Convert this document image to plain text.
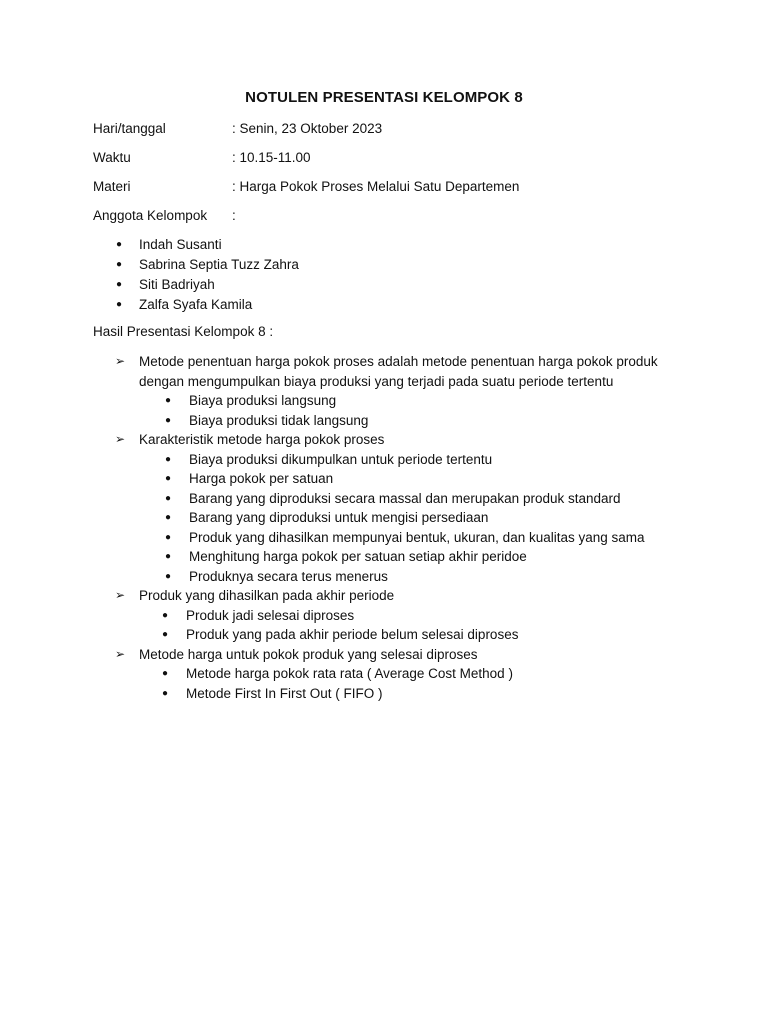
NOTULEN PRESENTASI KELOMPOK 8
Hari/tanggal	: Senin, 23 Oktober 2023
Waktu	: 10.15-11.00
Materi	: Harga Pokok Proses Melalui Satu Departemen
Anggota Kelompok :
● Indah Susanti
● Sabrina Septia Tuzz Zahra
● Siti Badriyah
● Zalfa Syafa Kamila
Hasil Presentasi Kelompok 8 :
➢ Metode penentuan harga pokok proses adalah metode penentuan harga pokok produk dengan mengumpulkan biaya produksi yang terjadi pada suatu periode tertentu
● Biaya produksi langsung
● Biaya produksi tidak langsung
➢ Karakteristik metode harga pokok proses
● Biaya produksi dikumpulkan untuk periode tertentu
● Harga pokok per satuan
● Barang yang diproduksi secara massal dan merupakan produk standard
● Barang yang diproduksi untuk mengisi persediaan
● Produk yang dihasilkan mempunyai bentuk, ukuran, dan kualitas yang sama
● Menghitung harga pokok per satuan setiap akhir peridoe
● Produknya secara terus menerus
➢ Produk yang dihasilkan pada akhir periode
● Produk jadi selesai diproses
● Produk yang pada akhir periode belum selesai diproses
➢ Metode harga untuk pokok produk yang selesai diproses
● Metode harga pokok rata rata ( Average Cost Method )
● Metode First In First Out ( FIFO )
